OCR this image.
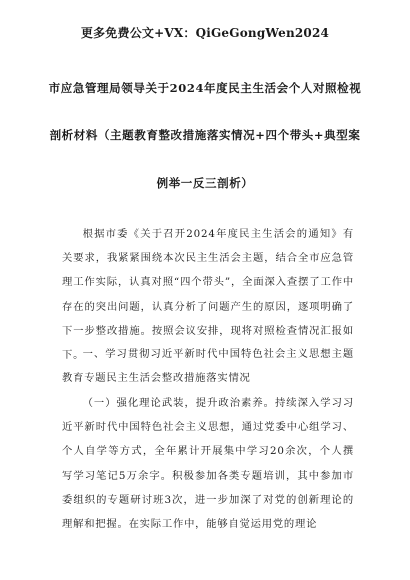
更多免费公文+VX：QiGeGongWen2024
市应急管理局领导关于2024年度民主生活会个人对照检视
剖析材料（主题教育整改措施落实情况+四个带头+典型案
例举一反三剖析）
根据市委《关于召开2024年度民主生活会的通知》有关要求，我紧紧围绕本次民主生活会主题，结合全市应急管理工作实际，认真对照“四个带头”，全面深入查摆了工作中存在的突出问题，认真分析了问题产生的原因，逐项明确了下一步整改措施。按照会议安排，现将对照检查情况汇报如下。
一、学习贯彻习近平新时代中国特色社会主义思想主题教育专题民主生活会整改措施落实情况
（一）强化理论武装，提升政治素养。持续深入学习习近平新时代中国特色社会主义思想，通过党委中心组学习、个人自学等方式，全年累计开展集中学习20余次，个人撰写学习笔记5万余字。积极参加各类专题培训，其中参加市委组织的专题研讨班3次，进一步加深了对党的创新理论的理解和把握。在实际工作中，能够自觉运用党的理论
